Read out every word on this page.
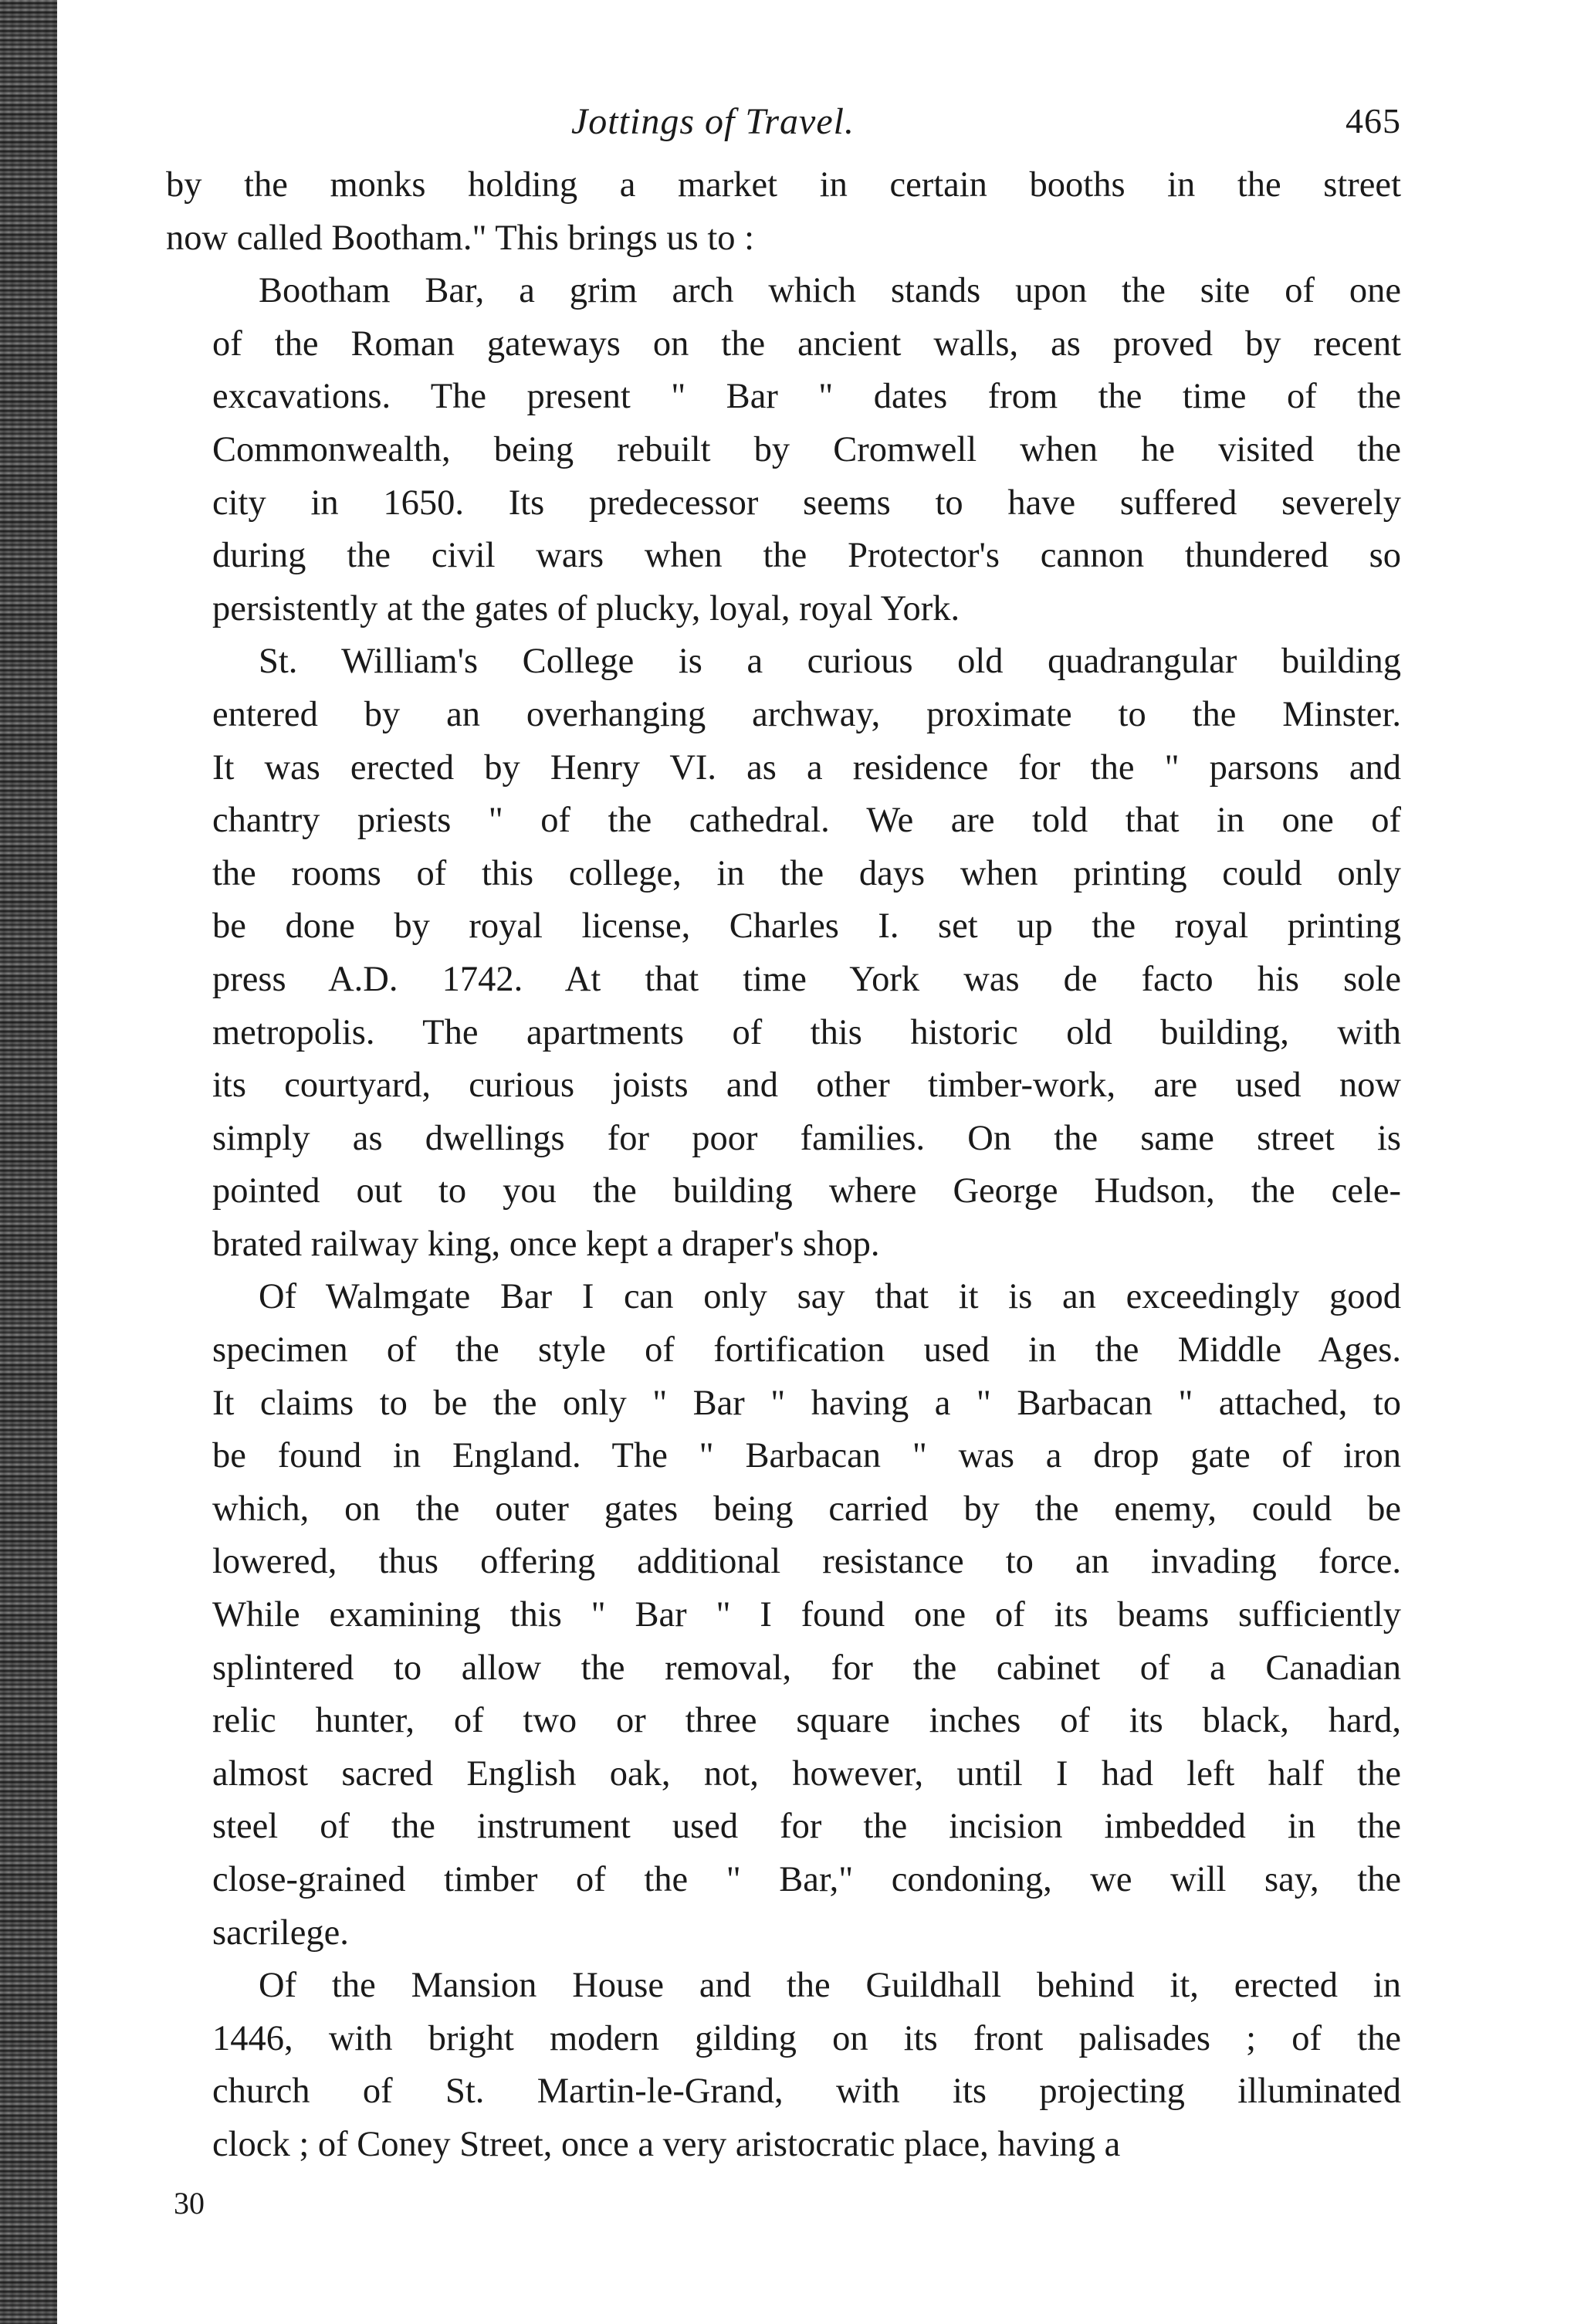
Jottings of Travel.	465
by the monks holding a market in certain booths in the street
now called Bootham." This brings us to :
Bootham Bar, a grim arch which stands upon the site of one
of the Roman gateways on the ancient walls, as proved by recent
excavations. The present " Bar " dates from the time of the
Commonwealth, being rebuilt by Cromwell when he visited the
city in 1650. Its predecessor seems to have suffered severely
during the civil wars when the Protector's cannon thundered so
persistently at the gates of plucky, loyal, royal York.
St. William's College is a curious old quadrangular building
entered by an overhanging archway, proximate to the Minster.
It was erected by Henry VI. as a residence for the " parsons and
chantry priests " of the cathedral. We are told that in one of
the rooms of this college, in the days when printing could only
be done by royal license, Charles I. set up the royal printing
press A.D. 1742. At that time York was de facto his sole
metropolis. The apartments of this historic old building, with
its courtyard, curious joists and other timber-work, are used now
simply as dwellings for poor families. On the same street is
pointed out to you the building where George Hudson, the cele-
brated railway king, once kept a draper's shop.
Of Walmgate Bar I can only say that it is an exceedingly good
specimen of the style of fortification used in the Middle Ages.
It claims to be the only " Bar " having a " Barbacan " attached, to
be found in England. The " Barbacan " was a drop gate of iron
which, on the outer gates being carried by the enemy, could be
lowered, thus offering additional resistance to an invading force.
While examining this " Bar " I found one of its beams sufficiently
splintered to allow the removal, for the cabinet of a Canadian
relic hunter, of two or three square inches of its black, hard,
almost sacred English oak, not, however, until I had left half the
steel of the instrument used for the incision imbedded in the
close-grained timber of the " Bar," condoning, we will say, the
sacrilege.
Of the Mansion House and the Guildhall behind it, erected in
1446, with bright modern gilding on its front palisades ; of the
church of St. Martin-le-Grand, with its projecting illuminated
clock ; of Coney Street, once a very aristocratic place, having a
30
